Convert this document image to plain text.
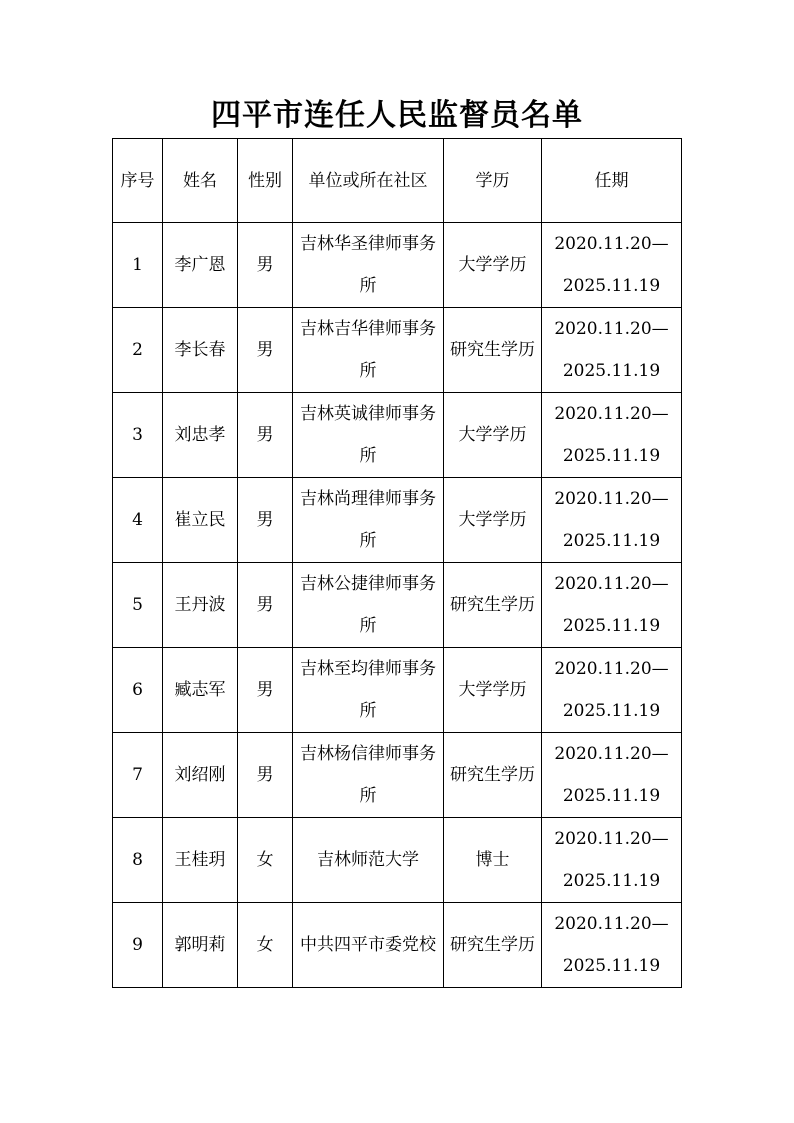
四平市连任人民监督员名单
序号	姓名	性别	单位或所在社区	学历	任期
1	李广恩	男	吉林华圣律师事务所	大学学历	2020.11.20—
2025.11.19

2	李长春	男	吉林吉华律师事务所	研究生学历	2020.11.20—
2025.11.19

3	刘忠孝	男	吉林英诚律师事务所	大学学历	2020.11.20—
2025.11.19

4	崔立民	男	吉林尚理律师事务所	大学学历	2020.11.20—
2025.11.19

5	王丹波	男	吉林公捷律师事务所	研究生学历	2020.11.20—
2025.11.19

6	臧志军	男	吉林至均律师事务所	大学学历	2020.11.20—
2025.11.19

7	刘绍刚	男	吉林杨信律师事务所	研究生学历	2020.11.20—
2025.11.19

8	王桂玥	女	吉林师范大学	博士	2020.11.20—
2025.11.19

9	郭明莉	女	中共四平市委党校	研究生学历	2020.11.20—
2025.11.19
